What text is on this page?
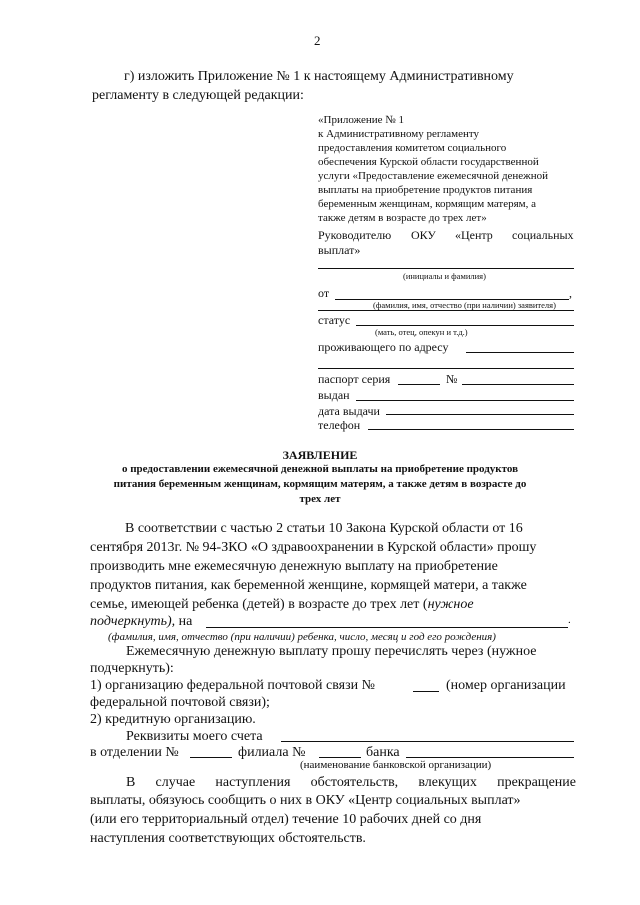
2
г) изложить Приложение № 1 к настоящему Административному
регламенту в следующей редакции:
«Приложение № 1
к Административному регламенту
предоставления комитетом социального
обеспечения Курской области государственной
услуги «Предоставление ежемесячной денежной
выплаты на приобретение продуктов питания
беременным женщинам, кормящим матерям, а
также детям в возрасте до трех лет»
Руководителю ОКУ «Центр социальных
выплат»
(инициалы и фамилия)
от	,
(фамилия, имя, отчество (при наличии) заявителя)
статус
(мать, отец, опекун и т.д.)
проживающего по адресу
паспорт серия	№
выдан
дата выдачи
телефон
ЗАЯВЛЕНИЕ
о предоставлении ежемесячной денежной выплаты на приобретение продуктов
питания беременным женщинам, кормящим матерям, а также детям в возрасте до
трех лет
В соответствии с частью 2 статьи 10 Закона Курской области от 16
сентября 2013г. № 94-ЗКО «О здравоохранении в Курской области» прошу
производить мне ежемесячную денежную выплату на приобретение
продуктов питания, как беременной женщине, кормящей матери, а также
семье, имеющей ребенка (детей) в возрасте до трех лет (нужное
подчеркнуть), на	.
(фамилия, имя, отчество (при наличии) ребенка, число, месяц и год его рождения)
Ежемесячную денежную выплату прошу перечислять через (нужное
подчеркнуть):
1) организацию федеральной почтовой связи №	(номер организации
федеральной почтовой связи);
2) кредитную организацию.
Реквизиты моего счета
в отделении №	филиала №	банка
(наименование банковской организации)
В случае наступления обстоятельств, влекущих прекращение
выплаты, обязуюсь сообщить о них в ОКУ «Центр социальных выплат»
(или его территориальный отдел) течение 10 рабочих дней со дня
наступления соответствующих обстоятельств.
